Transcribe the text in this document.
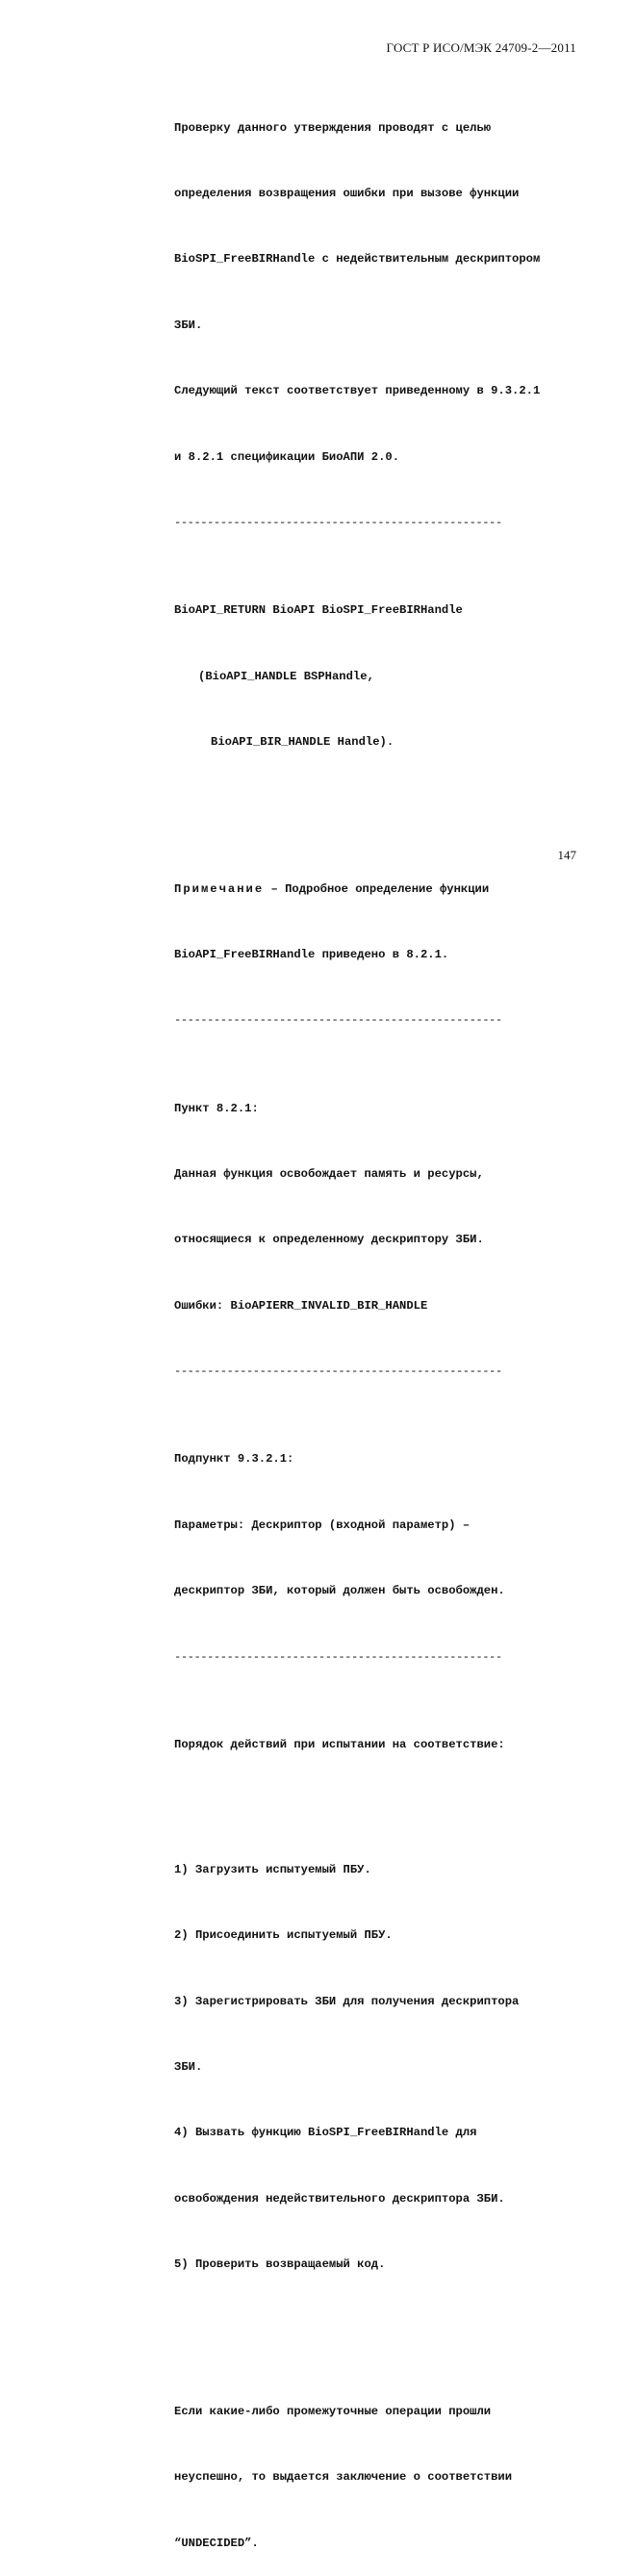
ГОСТ Р ИСО/МЭК 24709-2—2011

Проверку данного утверждения проводят с целью

определения возвращения ошибки при вызове функции

BioSPI_FreeBIRHandle с недействительным дескриптором

ЗБИ.

Следующий текст соответствует приведенному в 9.3.2.1

и 8.2.1 спецификации БиоАПИ 2.0.

--------------------------------------------------

BioAPI_RETURN BioAPI BioSPI_FreeBIRHandle

(BioAPI_HANDLE BSPHandle,

BioAPI_BIR_HANDLE Handle).

Примечание – Подробное определение функции

BioAPI_FreeBIRHandle приведено в 8.2.1.

--------------------------------------------------

Пункт 8.2.1:

Данная функция освобождает память и ресурсы,

относящиеся к определенному дескриптору ЗБИ.

Ошибки: BioAPIERR_INVALID_BIR_HANDLE

--------------------------------------------------

Подпункт 9.3.2.1:

Параметры: Дескриптор (входной параметр) –

дескриптор ЗБИ, который должен быть освобожден.

--------------------------------------------------

Порядок действий при испытании на соответствие:

1) Загрузить испытуемый ПБУ.

2) Присоединить испытуемый ПБУ.

3) Зарегистрировать ЗБИ для получения дескриптора

ЗБИ.

4) Вызвать функцию BioSPI_FreeBIRHandle для

освобождения недействительного дескриптора ЗБИ.

5) Проверить возвращаемый код.

Если какие-либо промежуточные операции прошли

неуспешно, то выдается заключение о соответствии

“UNDECIDED”.

147
